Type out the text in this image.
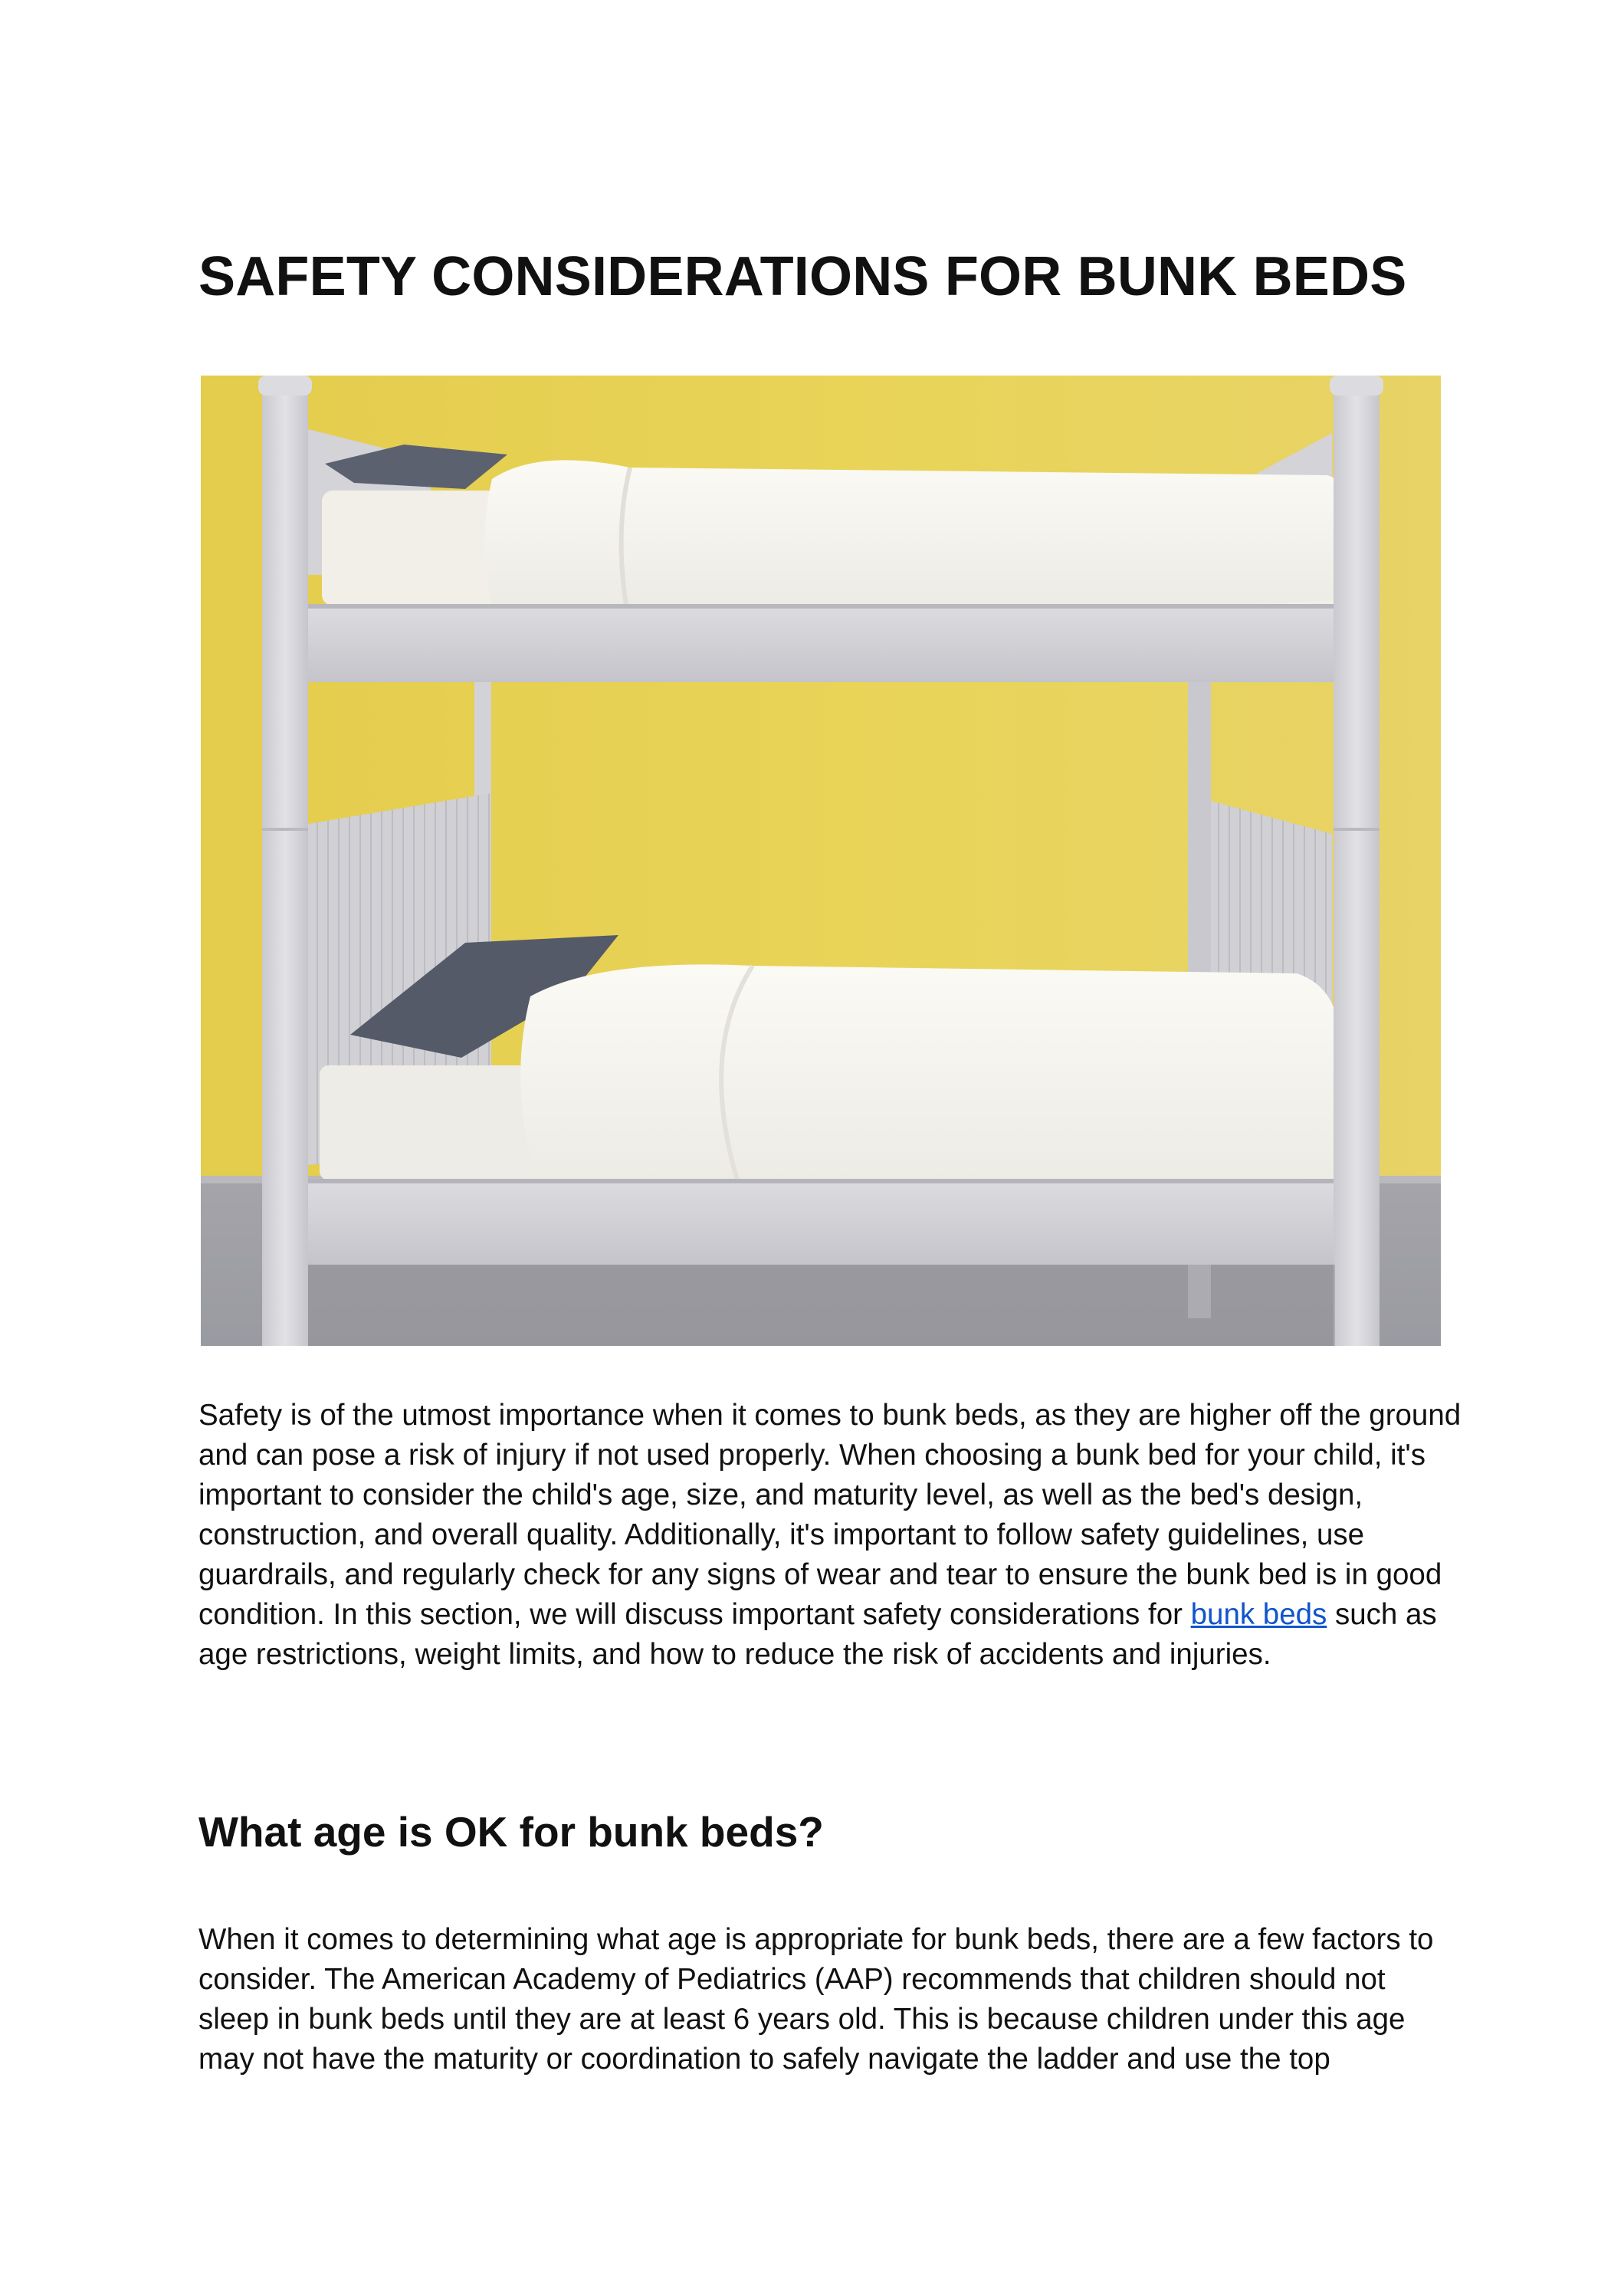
SAFETY CONSIDERATIONS FOR BUNK BEDS

Safety is of the utmost importance when it comes to bunk beds, as they are higher off the ground and can pose a risk of injury if not used properly. When choosing a bunk bed for your child, it's important to consider the child's age, size, and maturity level, as well as the bed's design, construction, and overall quality. Additionally, it's important to follow safety guidelines, use guardrails, and regularly check for any signs of wear and tear to ensure the bunk bed is in good condition. In this section, we will discuss important safety considerations for bunk beds such as age restrictions, weight limits, and how to reduce the risk of accidents and injuries.

What age is OK for bunk beds?

When it comes to determining what age is appropriate for bunk beds, there are a few factors to consider. The American Academy of Pediatrics (AAP) recommends that children should not sleep in bunk beds until they are at least 6 years old. This is because children under this age may not have the maturity or coordination to safely navigate the ladder and use the top
